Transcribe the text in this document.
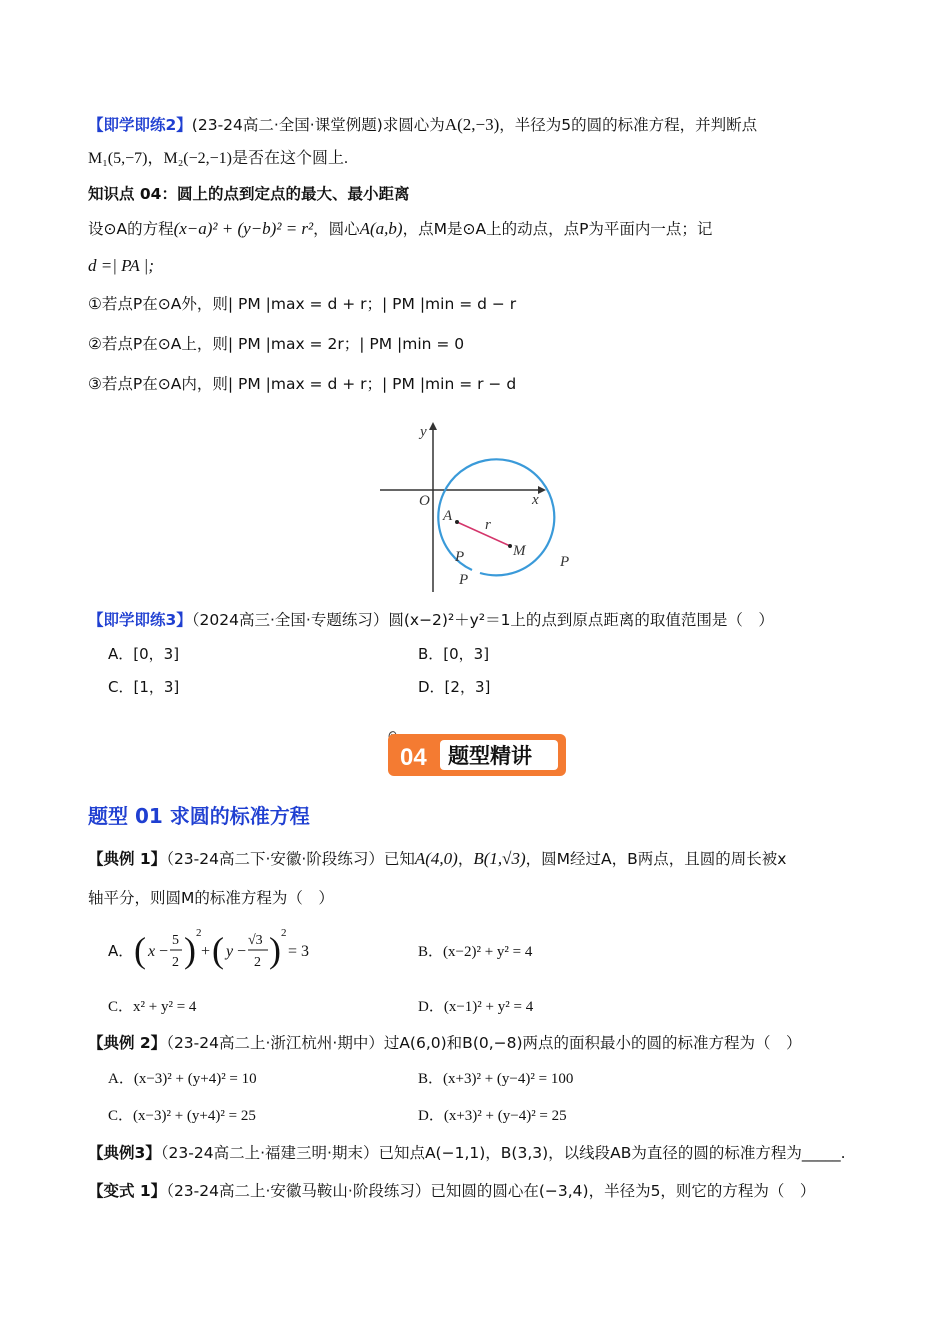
【即学即练2】(23-24高二·全国·课堂例题)求圆心为A(2,−3)，半径为5的圆的标准方程，并判断点
M₁(5,−7)，M₂(−2,−1)是否在这个圆上.
知识点 04：圆上的点到定点的最大、最小距离
设⊙A的方程(x−a)² + (y−b)² = r²，圆心A(a,b)，点M是⊙A上的动点，点P为平面内一点；记
d =| PA |;
①若点P在⊙A外，则| PM |max = d + r；| PM |min = d − r
②若点P在⊙A上，则| PM |max = 2r；| PM |min = 0
③若点P在⊙A内，则| PM |max = d + r；| PM |min = r − d
y
x
O
A
r
M
P
P
P
【即学即练3】（2024高三·全国·专题练习）圆(x−2)²＋y²＝1上的点到原点距离的取值范围是（　）
A．[0，3]	B．[0，3]
C．[1，3]	D．[2，3]
04 题型精讲
题型 01 求圆的标准方程
【典例 1】（23-24高二下·安徽·阶段练习）已知A(4,0)，B(1,√3)，圆M经过A，B两点，且圆的周长被x
轴平分，则圆M的标准方程为（　）
A． ( x −
5
2 ) 2
+ ( y −
√3
2 ) 2
= 3	B．(x−2)² + y² = 4
C．x² + y² = 4	D．(x−1)² + y² = 4
【典例 2】（23-24高二上·浙江杭州·期中）过A(6,0)和B(0,−8)两点的面积最小的圆的标准方程为（　）
A．(x−3)² + (y+4)² = 10	B．(x+3)² + (y−4)² = 100
C．(x−3)² + (y+4)² = 25	D．(x+3)² + (y−4)² = 25
【典例3】（23-24高二上·福建三明·期末）已知点A(−1,1)，B(3,3)，以线段AB为直径的圆的标准方程为_____.
【变式 1】（23-24高二上·安徽马鞍山·阶段练习）已知圆的圆心在(−3,4)，半径为5，则它的方程为（　）
